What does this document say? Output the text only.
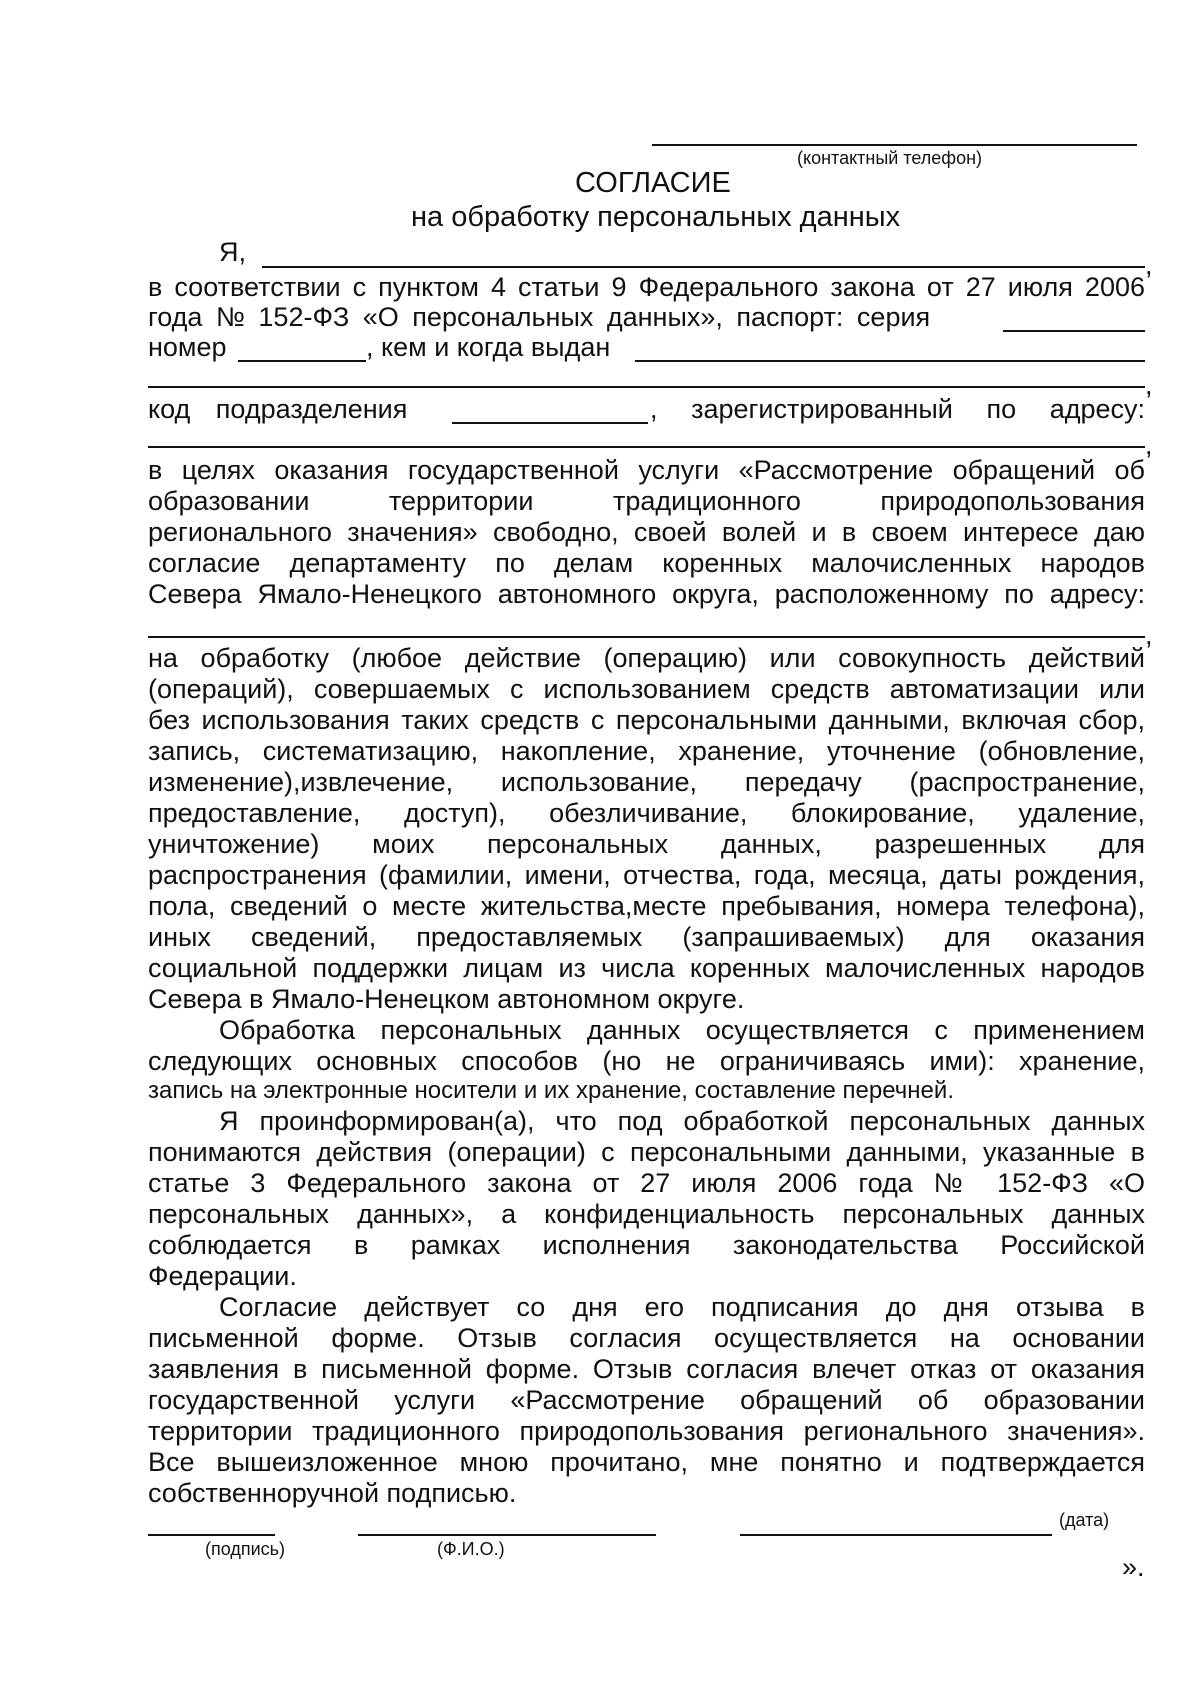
(контактный телефон)
СОГЛАСИЕ
на обработку персональных данных
Я,	,
в соответствии с пунктом 4 статьи 9 Федерального закона от 27 июля 2006
года № 152-ФЗ «О персональных данных», паспорт: серия
номер	, кем и когда выдан
,
код подразделения	, зарегистрированный по адресу:
,
в целях оказания государственной услуги «Рассмотрение обращений об
образовании территории традиционного природопользования
регионального значения» свободно, своей волей и в своем интересе даю
согласие департаменту по делам коренных малочисленных народов
Севера Ямало-Ненецкого автономного округа, расположенному по адресу:
,
на обработку (любое действие (операцию) или совокупность действий
(операций), совершаемых с использованием средств автоматизации или
без использования таких средств с персональными данными, включая сбор,
запись, систематизацию, накопление, хранение, уточнение (обновление,
изменение),извлечение, использование, передачу (распространение,
предоставление, доступ), обезличивание, блокирование, удаление,
уничтожение) моих персональных данных, разрешенных для
распространения (фамилии, имени, отчества, года, месяца, даты рождения,
пола, сведений о месте жительства,месте пребывания, номера телефона),
иных сведений, предоставляемых (запрашиваемых) для оказания
социальной поддержки лицам из числа коренных малочисленных народов
Севера в Ямало-Ненецком автономном округе.
Обработка персональных данных осуществляется с применением
следующих основных способов (но не ограничиваясь ими): хранение,
запись на электронные носители и их хранение, составление перечней.
Я проинформирован(а), что под обработкой персональных данных
понимаются действия (операции) с персональными данными, указанные в
статье 3 Федерального закона от 27 июля 2006 года № 152-ФЗ «О
персональных данных», а конфиденциальность персональных данных
соблюдается в рамках исполнения законодательства Российской
Федерации.
Согласие действует со дня его подписания до дня отзыва в
письменной форме. Отзыв согласия осуществляется на основании
заявления в письменной форме. Отзыв согласия влечет отказ от оказания
государственной услуги «Рассмотрение обращений об образовании
территории традиционного природопользования регионального значения».
Все вышеизложенное мною прочитано, мне понятно и подтверждается
собственноручной подписью.
(подпись)	(Ф.И.О.)
(дата)
».
